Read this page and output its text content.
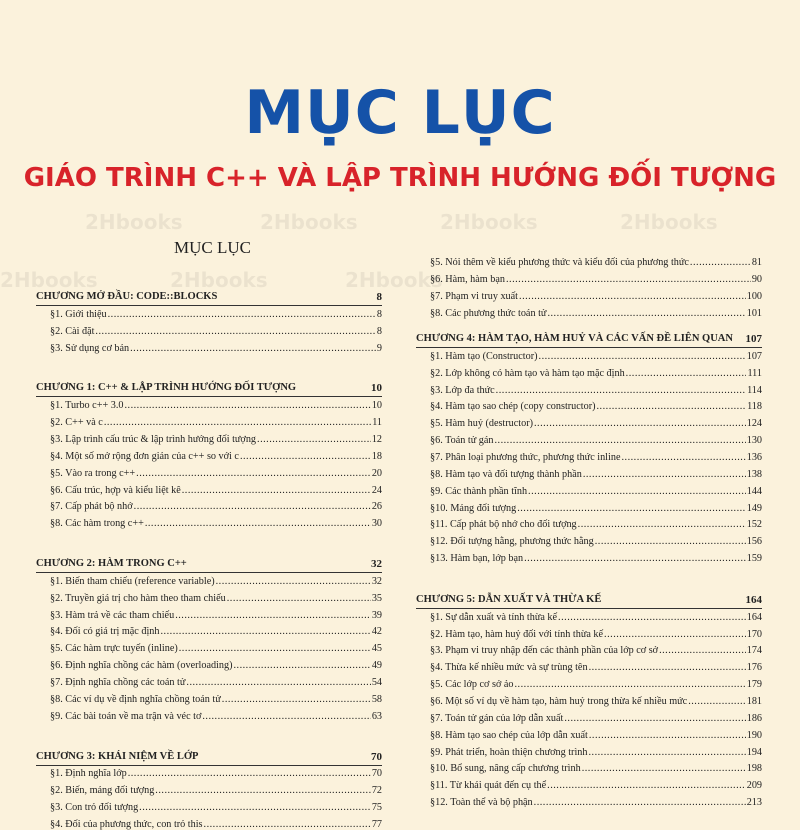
MỤC LỤC
GIÁO TRÌNH C++ VÀ LẬP TRÌNH HƯỚNG ĐỐI TƯỢNG
2Hbooks	2Hbooks	2Hbooks	2Hbooks
2Hbooks	2Hbooks	2Hbooks
MỤC LỤC
CHƯƠNG MỞ ĐẦU: CODE::BLOCKS	8
§1. Giới thiệu .....	8
§2. Cài đặt .....	8
§3. Sử dụng cơ bản .....	9
CHƯƠNG 1: C++ & LẬP TRÌNH HƯỚNG ĐỐI TƯỢNG	10
§1. Turbo c++ 3.0 .....	10
§2. C++ và c .....	11
§3. Lập trình cấu trúc & lập trình hướng đối tượng .....	12
§4. Một số mở rộng đơn giản của c++ so với c .....	18
§5. Vào ra trong c++ .....	20
§6. Cấu trúc, hợp và kiểu liệt kê .....	24
§7. Cấp phát bộ nhớ .....	26
§8. Các hàm trong c++ .....	30
CHƯƠNG 2: HÀM TRONG C++	32
§1. Biến tham chiếu (reference variable) .....	32
§2. Truyền giá trị cho hàm theo tham chiếu .....	35
§3. Hàm trả về các tham chiếu .....	39
§4. Đối có giá trị mặc định .....	42
§5. Các hàm trực tuyến (inline) .....	45
§6. Định nghĩa chồng các hàm (overloading) .....	49
§7. Định nghĩa chồng các toán tử .....	54
§8. Các ví dụ về định nghĩa chồng toán tử .....	58
§9. Các bài toán về ma trận và véc tơ .....	63
CHƯƠNG 3: KHÁI NIỆM VỀ LỚP	70
§1. Định nghĩa lớp .....	70
§2. Biến, mảng đối tượng .....	72
§3. Con trỏ đối tượng .....	75
§4. Đối của phương thức, con trỏ this .....	77
§5. Nói thêm về kiểu phương thức và kiểu đối của phương thức .....	81
§6. Hàm, hàm bạn .....	90
§7. Phạm vi truy xuất .....	100
§8. Các phương thức toán tử .....	101
CHƯƠNG 4: HÀM TẠO, HÀM HUỶ VÀ CÁC VẤN ĐỀ LIÊN QUAN	107
§1. Hàm tạo (Constructor) .....	107
§2. Lớp không có hàm tạo và hàm tạo mặc định .....	111
§3. Lớp đa thức .....	114
§4. Hàm tạo sao chép (copy constructor) .....	118
§5. Hàm huỷ (destructor) .....	124
§6. Toán tử gán .....	130
§7. Phân loại phương thức, phương thức inline .....	136
§8. Hàm tạo và đối tượng thành phần .....	138
§9. Các thành phần tĩnh .....	144
§10. Mảng đối tượng .....	149
§11. Cấp phát bộ nhớ cho đối tượng .....	152
§12. Đối tượng hằng, phương thức hằng .....	156
§13. Hàm bạn, lớp bạn .....	159
CHƯƠNG 5: DẪN XUẤT VÀ THỪA KẾ	164
§1. Sự dẫn xuất và tính thừa kế .....	164
§2. Hàm tạo, hàm huỷ đối với tính thừa kế .....	170
§3. Phạm vi truy nhập đến các thành phần của lớp cơ sở .....	174
§4. Thừa kế nhiều mức và sự trùng tên .....	176
§5. Các lớp cơ sở ảo .....	179
§6. Một số ví dụ về hàm tạo, hàm huỷ trong thừa kế nhiều mức .....	181
§7. Toán tử gán của lớp dẫn xuất .....	186
§8. Hàm tạo sao chép của lớp dẫn xuất .....	190
§9. Phát triển, hoàn thiện chương trình .....	194
§10. Bổ sung, nâng cấp chương trình .....	198
§11. Từ khái quát đến cụ thể .....	209
§12. Toàn thể và bộ phận .....	213
